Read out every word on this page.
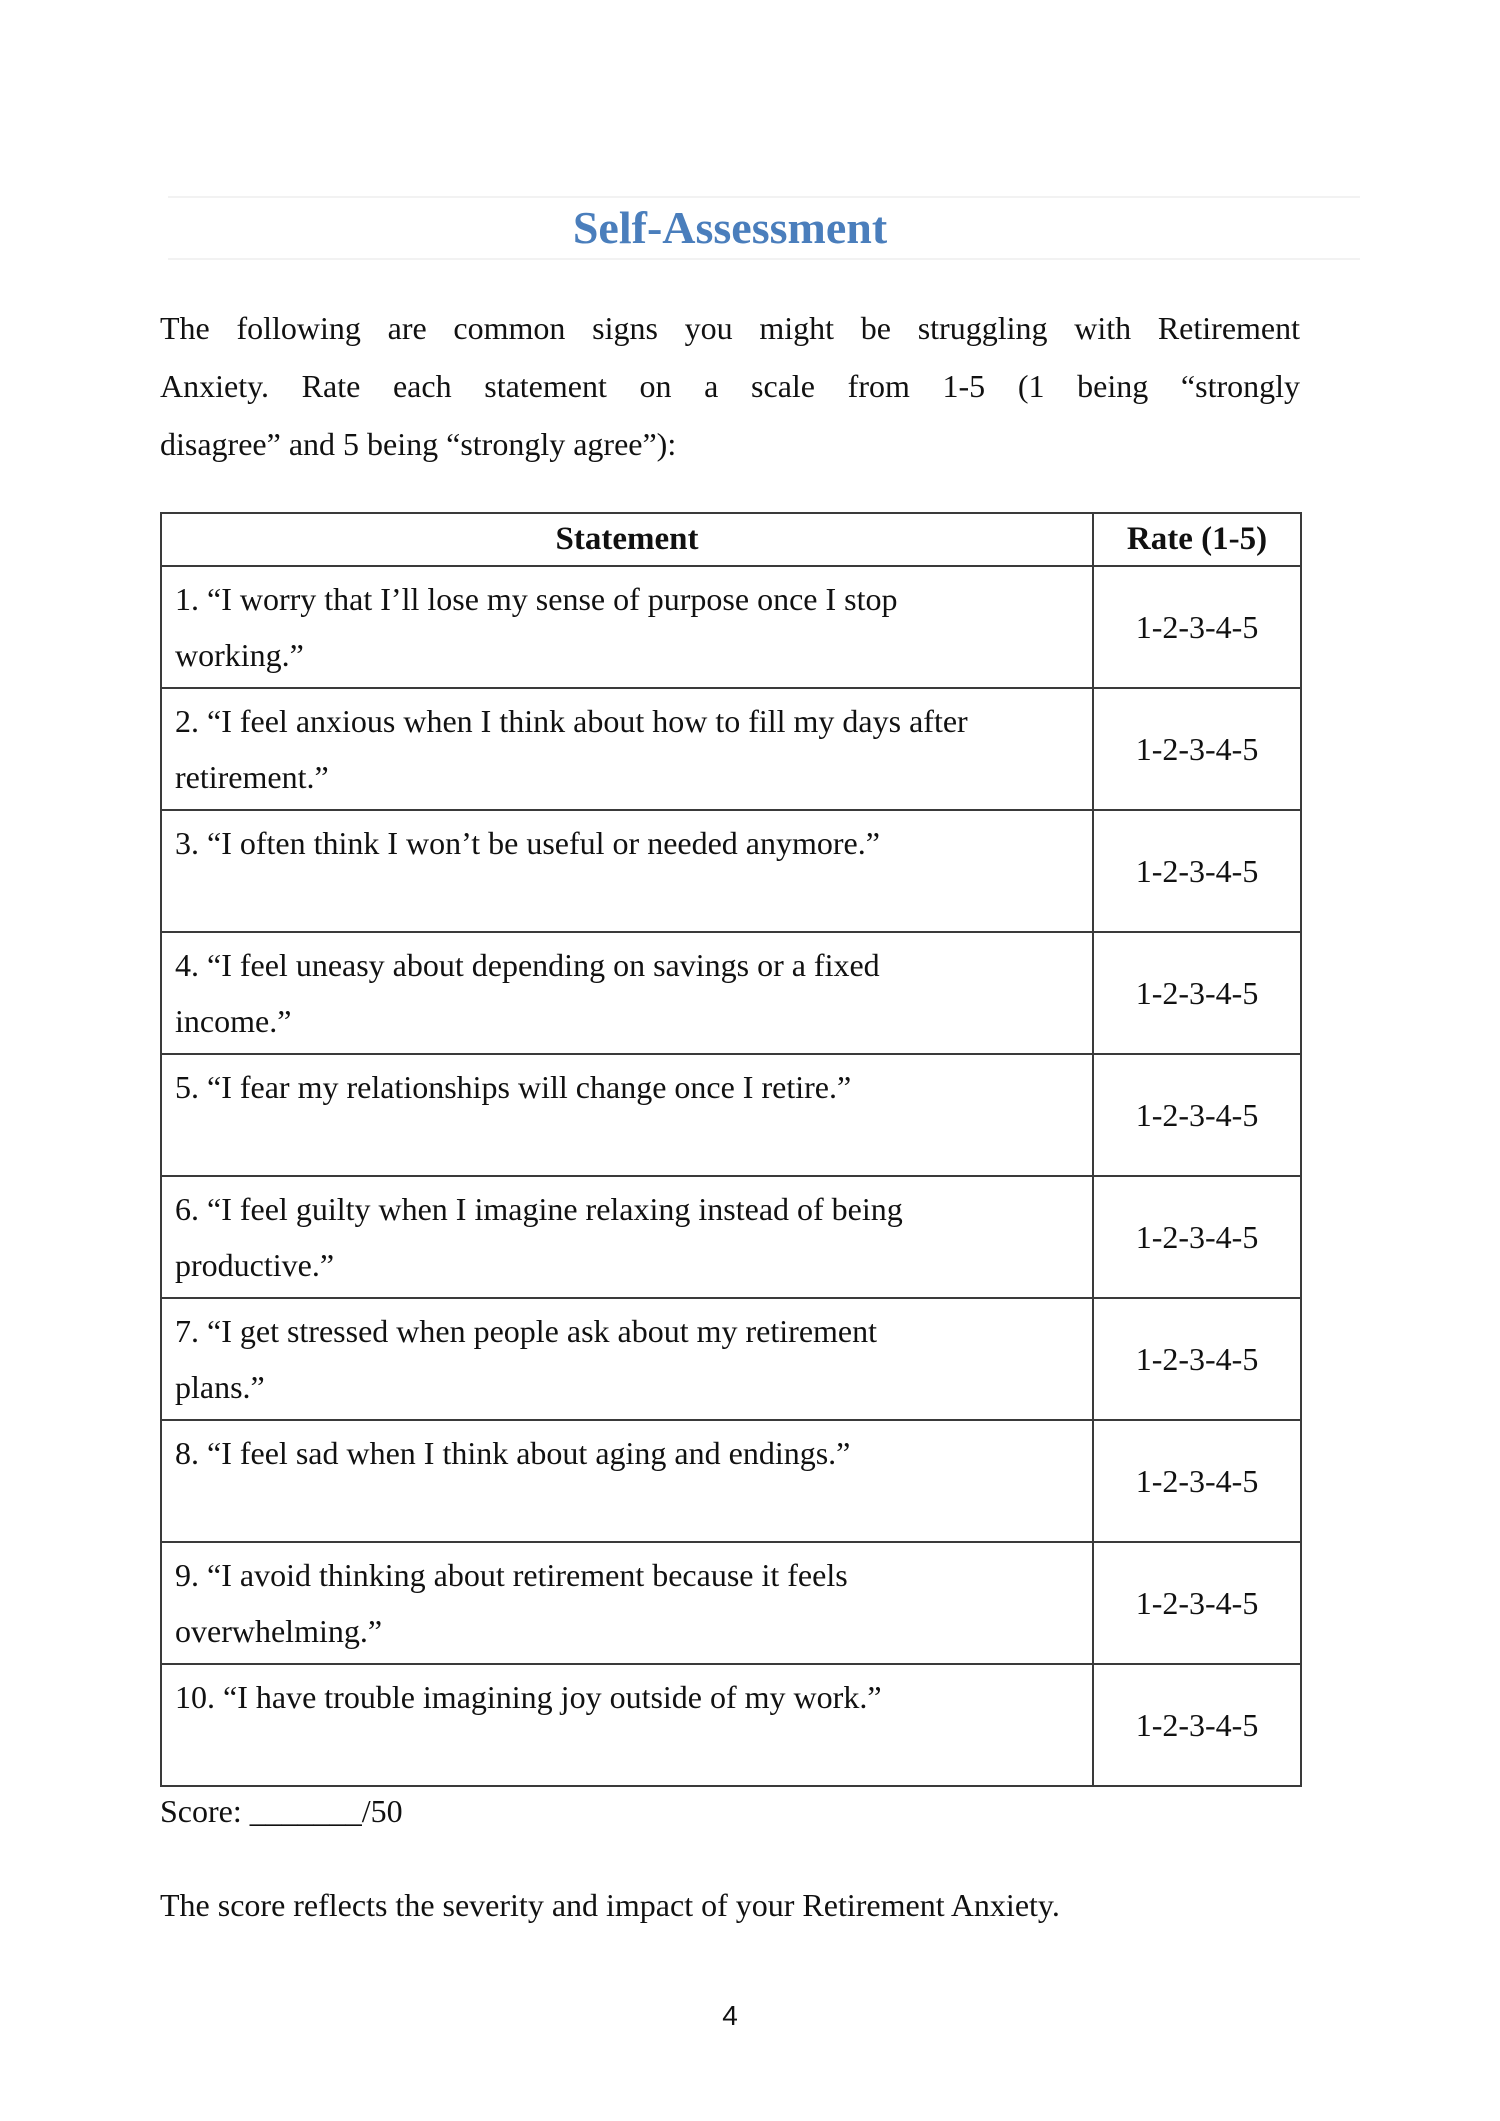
Self-Assessment
The following are common signs you might be struggling with Retirement
Anxiety. Rate each statement on a scale from 1-5 (1 being “strongly
disagree” and 5 being “strongly agree”):
Statement	Rate (1-5)

1. “I worry that I’ll lose my sense of purpose once I stop
working.”	1-2-3-4-5

2. “I feel anxious when I think about how to fill my days after
retirement.”	1-2-3-4-5

3. “I often think I won’t be useful or needed anymore.”	1-2-3-4-5

4. “I feel uneasy about depending on savings or a fixed
income.”	1-2-3-4-5

5. “I fear my relationships will change once I retire.”	1-2-3-4-5

6. “I feel guilty when I imagine relaxing instead of being
productive.”	1-2-3-4-5

7. “I get stressed when people ask about my retirement
plans.”	1-2-3-4-5

8. “I feel sad when I think about aging and endings.”	1-2-3-4-5

9. “I avoid thinking about retirement because it feels
overwhelming.”	1-2-3-4-5

10. “I have trouble imagining joy outside of my work.”	1-2-3-4-5
Score: _______/50
The score reflects the severity and impact of your Retirement Anxiety.
4
